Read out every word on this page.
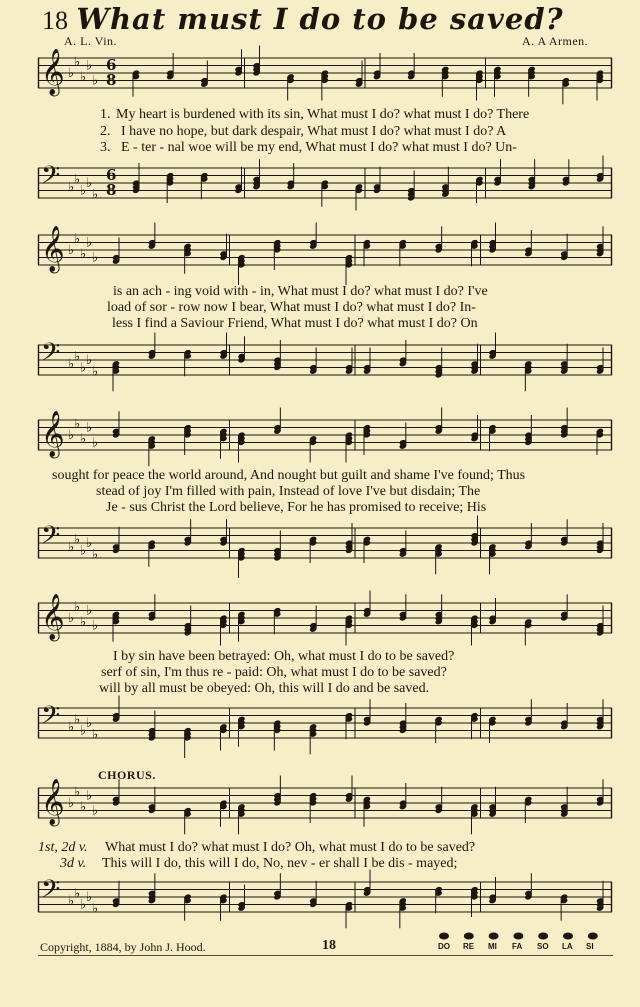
18 What must I do to be saved?
A. L. Vin.	A. A Armen.
𝄞 ♭
♭
♭
♭
♭
6
8
1. My heart is burdened with its sin, What must I do? what must I do? There
2. I have no hope, but dark despair, What must I do? what must I do? A
3. E - ter - nal woe will be my end, What must I do? what must I do? Un-
𝄢 ♭ ♭
♭ ♭
♭
6
8
𝄞 ♭
♭
♭
♭
♭
is an ach - ing void with - in, What must I do? what must I do? I've
load of sor - row now I bear, What must I do? what must I do? In-
less I find a Saviour Friend, What must I do? what must I do? On
𝄢 ♭ ♭
♭ ♭
♭
𝄞 ♭
♭
♭
♭
♭
sought for peace the world around, And nought but guilt and shame I've found; Thus
stead of joy I'm filled with pain, Instead of love I've but disdain; The
Je - sus Christ the Lord believe, For he has promised to receive; His
𝄢 ♭ ♭
♭ ♭
♭
𝄞 ♭
♭
♭
♭
♭
I by sin have been betrayed: Oh, what must I do to be saved?
serf of sin, I'm thus re - paid: Oh, what must I do to be saved?
will by all must be obeyed: Oh, this will I do and be saved.
𝄢 ♭ ♭
♭ ♭
♭
CHORUS.
𝄞 ♭
♭
♭
♭
♭
1st, 2d v. What must I do? what must I do? Oh, what must I do to be saved?
3d v. This will I do, this will I do, No, nev - er shall I be dis - mayed;
𝄢 ♭ ♭
♭ ♭
♭
Copyright, 1884, by John J. Hood.	18	DO RE MI FA SO LA SI
